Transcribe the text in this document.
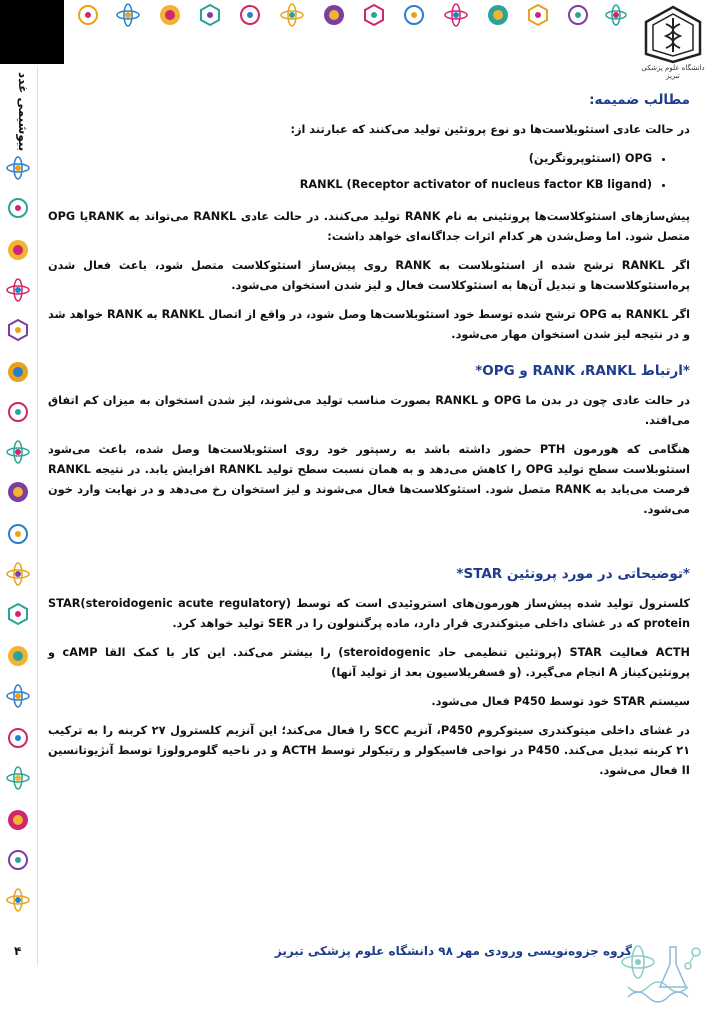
بیوشیمی غدد
دانشگاه علوم پزشکی تبریز
مطالب ضمیمه:

در حالت عادی استئوبلاست‌ها دو نوع پروتئین تولید می‌کنند که عبارتند از:

• OPG (استئوپروتگرین)
• (Receptor activator of nucleus factor KB ligand) RANKL

پیش‌سازهای استئوکلاست‌ها پروتئینی به نام RANK تولید می‌کنند. در حالت عادی RANKL می‌تواند به RANKیا OPG متصل شود. اما وصل‌شدن هر کدام اثرات جداگانه‌ای خواهد داشت:

اگر RANKL ترشح شده از استئوبلاست به RANK روی پیش‌ساز استئوکلاست متصل شود، باعث فعال شدن پره‌استئوکلاست‌ها و تبدیل آن‌ها به استئوکلاست فعال و لیز شدن استخوان می‌شود.

اگر RANKL به OPG ترشح شده توسط خود استئوبلاست‌ها وصل شود، در واقع از اتصال RANKL به RANK خواهد شد و در نتیجه لیز شدن استخوان مهار می‌شود.

*ارتباط RANK ،RANKL و OPG*

در حالت عادی چون در بدن ما OPG و RANKL بصورت مناسب تولید می‌شوند، لیز شدن استخوان به میزان کم اتفاق می‌افتد.

هنگامی که هورمون PTH حضور داشته باشد به رسپتور خود روی استئوبلاست‌ها وصل شده، باعث می‌شود استئوبلاست سطح تولید OPG را کاهش می‌دهد و به همان نسبت سطح تولید RANKL افزایش یابد. در نتیجه RANKL فرصت می‌یابد به RANK متصل شود. استئوکلاست‌ها فعال می‌شوند و لیز استخوان رخ می‌دهد و در نهایت وارد خون می‌شود.

*توضیحاتی در مورد پروتئین STAR*

کلسترول تولید شده پیش‌ساز هورمون‌های استروئیدی است که توسط (STAR(steroidogenic acute regulatory protein که در غشای داخلی میتوکندری قرار دارد، ماده پرگننولون را در SER تولید خواهد کرد.

ACTH فعالیت STAR (پروتئین تنظیمی حاد steroidogenic) را بیشتر می‌کند. این کار با کمک القا cAMP و پروتئین‌کیناز A انجام می‌گیرد. (و فسفریلاسیون بعد از تولید آنها)

سیستم STAR خود توسط P450 فعال می‌شود.

در غشای داخلی میتوکندری سیتوکروم P450، آنزیم SCC را فعال می‌کند؛ این آنزیم کلسترول ۲۷ کربنه را به ترکیب ۲۱ کربنه تبدیل می‌کند. P450 در نواحی فاسیکولر و رتیکولر توسط ACTH و در ناحیه گلومرولوزا توسط آنژیوتانسین II فعال می‌شود.

گروه جزوه‌نویسی ورودی مهر ۹۸ دانشگاه علوم پزشکی تبریز
۴
